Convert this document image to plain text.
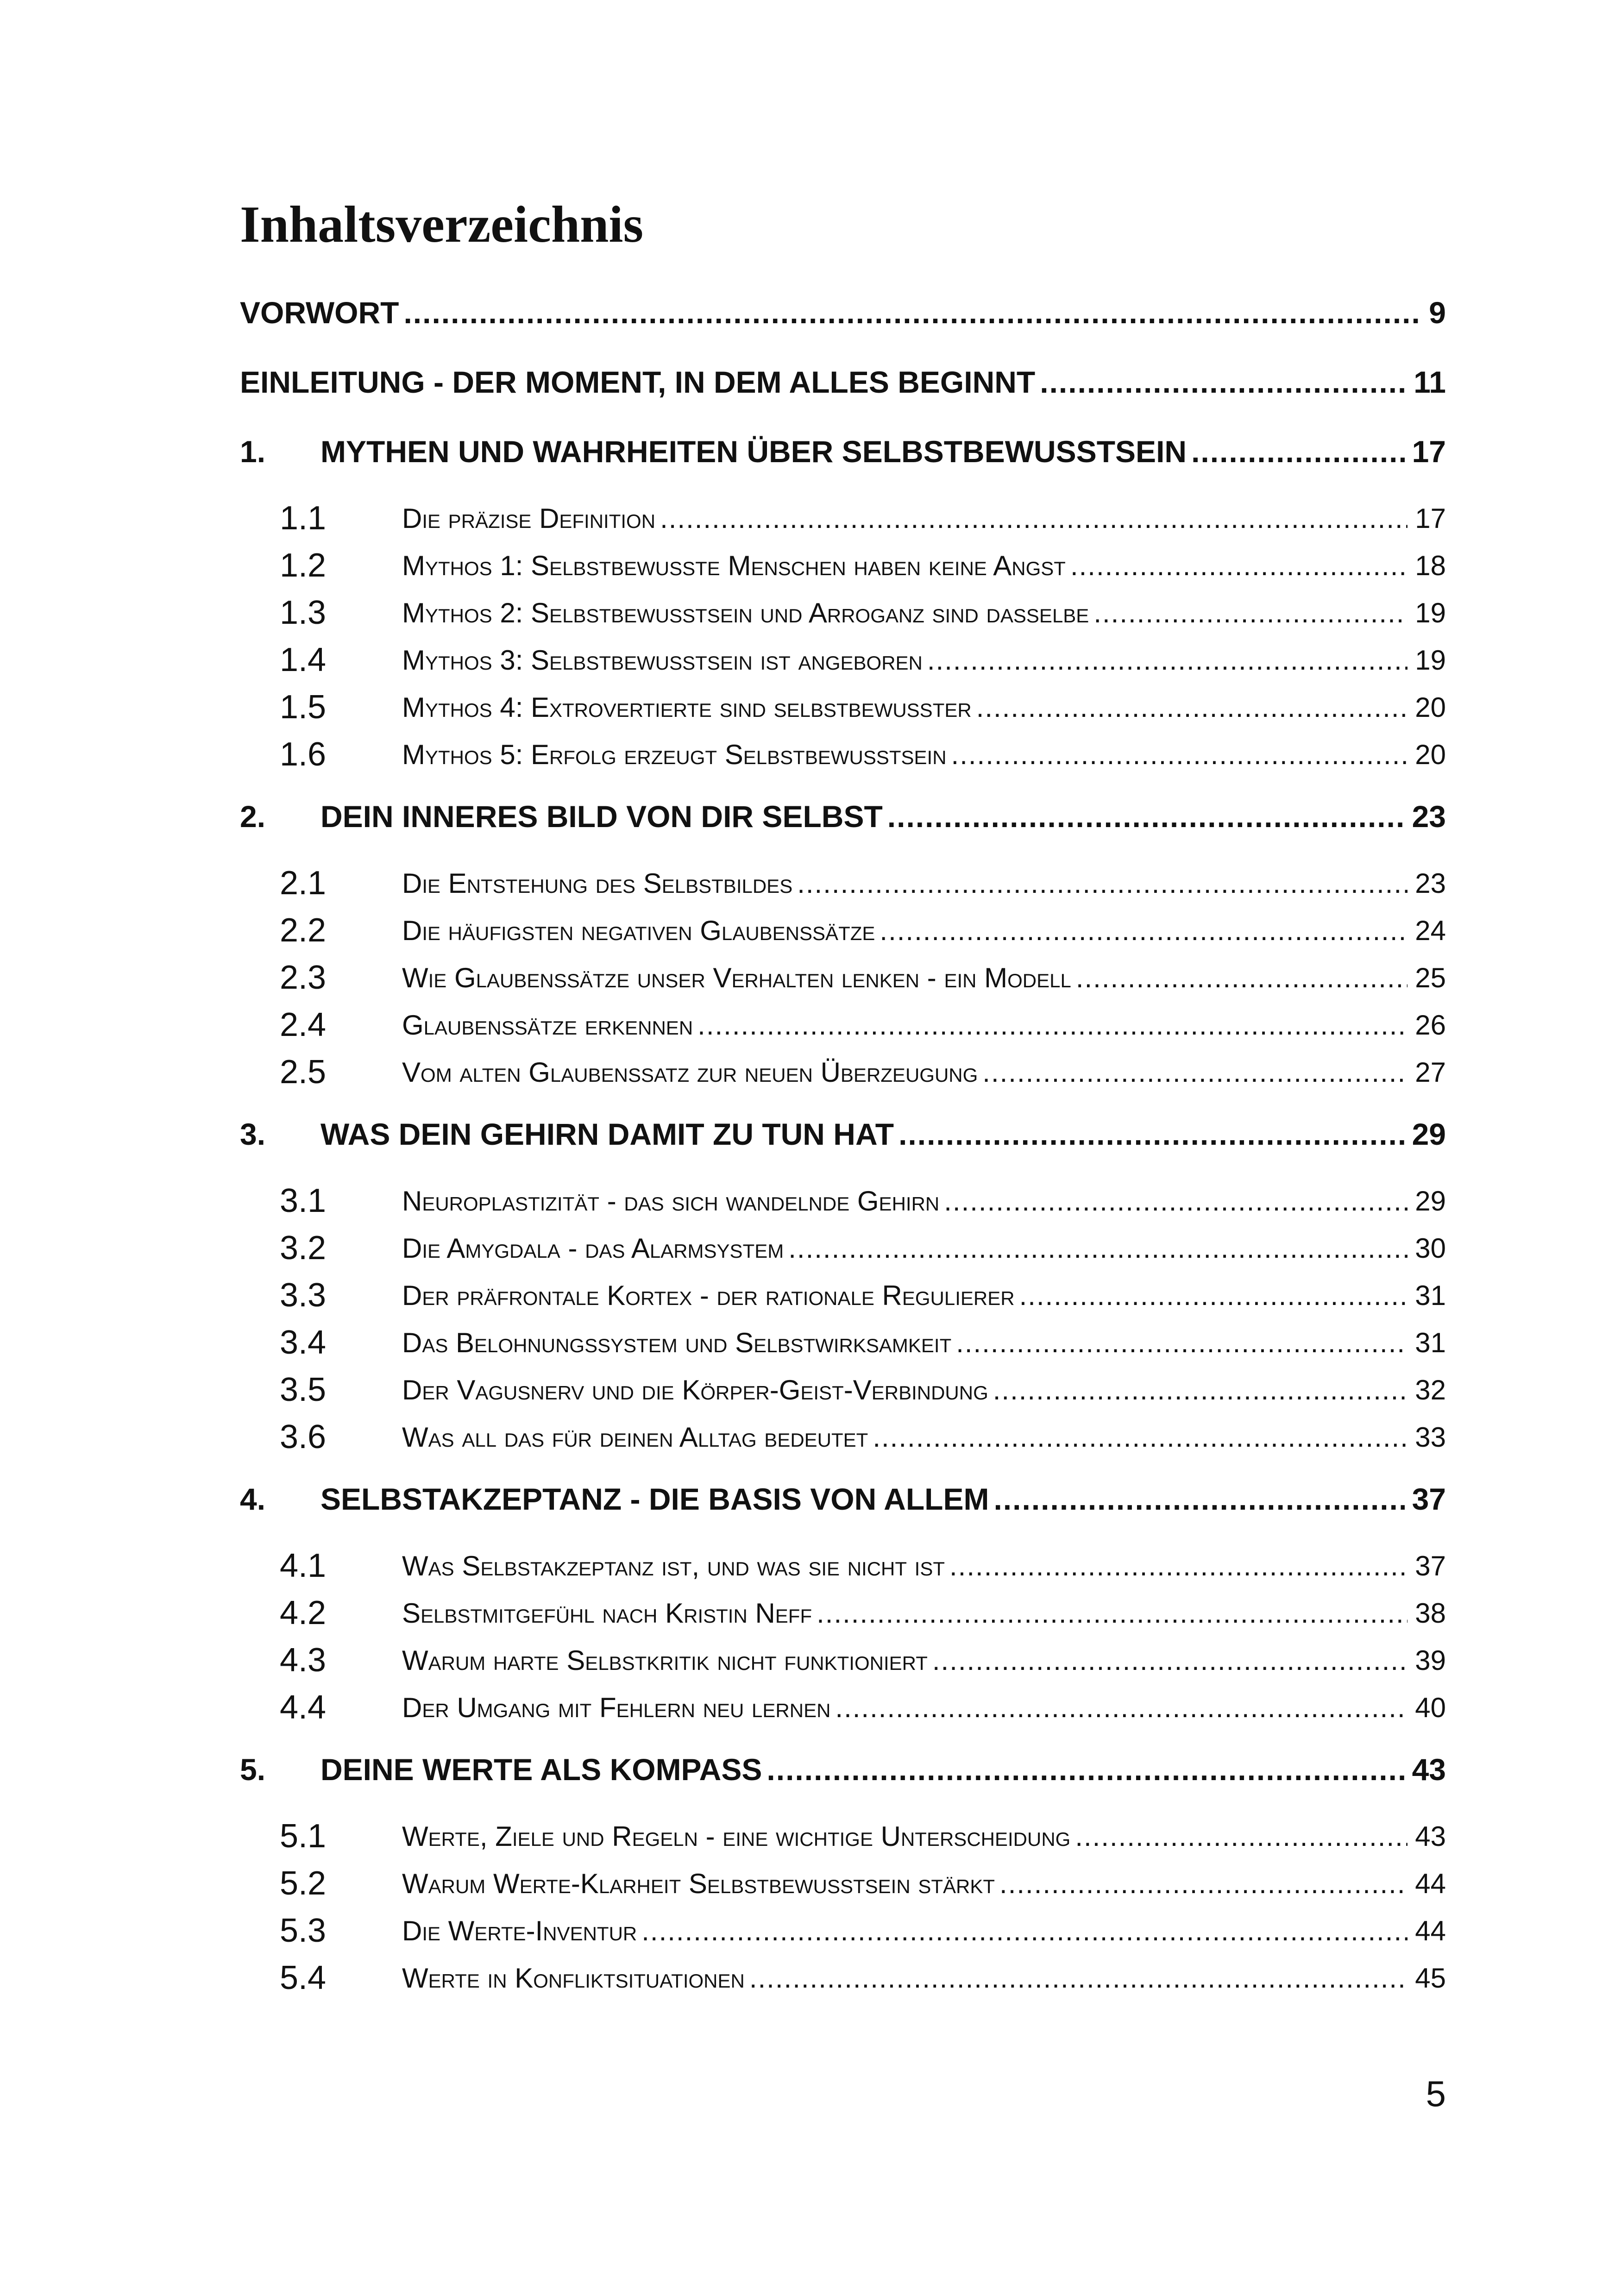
Inhaltsverzeichnis
VORWORT .....	9
EINLEITUNG - DER MOMENT, IN DEM ALLES BEGINNT .....	11
1.	MYTHEN UND WAHRHEITEN ÜBER SELBSTBEWUSSTSEIN .....	17
1.1	Die präzise Definition .....	17
1.2	Mythos 1: Selbstbewusste Menschen haben keine Angst .....	18
1.3	Mythos 2: Selbstbewusstsein und Arroganz sind dasselbe .....	19
1.4	Mythos 3: Selbstbewusstsein ist angeboren .....	19
1.5	Mythos 4: Extrovertierte sind selbstbewusster .....	20
1.6	Mythos 5: Erfolg erzeugt Selbstbewusstsein .....	20
2.	DEIN INNERES BILD VON DIR SELBST .....	23
2.1	Die Entstehung des Selbstbildes .....	23
2.2	Die häufigsten negativen Glaubenssätze .....	24
2.3	Wie Glaubenssätze unser Verhalten lenken - ein Modell .....	25
2.4	Glaubenssätze erkennen .....	26
2.5	Vom alten Glaubenssatz zur neuen Überzeugung .....	27
3.	WAS DEIN GEHIRN DAMIT ZU TUN HAT .....	29
3.1	Neuroplastizität - das sich wandelnde Gehirn .....	29
3.2	Die Amygdala - das Alarmsystem .....	30
3.3	Der präfrontale Kortex - der rationale Regulierer .....	31
3.4	Das Belohnungssystem und Selbstwirksamkeit .....	31
3.5	Der Vagusnerv und die Körper-Geist-Verbindung .....	32
3.6	Was all das für deinen Alltag bedeutet .....	33
4.	SELBSTAKZEPTANZ - DIE BASIS VON ALLEM .....	37
4.1	Was Selbstakzeptanz ist, und was sie nicht ist .....	37
4.2	Selbstmitgefühl nach Kristin Neff .....	38
4.3	Warum harte Selbstkritik nicht funktioniert .....	39
4.4	Der Umgang mit Fehlern neu lernen .....	40
5.	DEINE WERTE ALS KOMPASS .....	43
5.1	Werte, Ziele und Regeln - eine wichtige Unterscheidung .....	43
5.2	Warum Werte-Klarheit Selbstbewusstsein stärkt .....	44
5.3	Die Werte-Inventur .....	44
5.4	Werte in Konfliktsituationen .....	45
5
